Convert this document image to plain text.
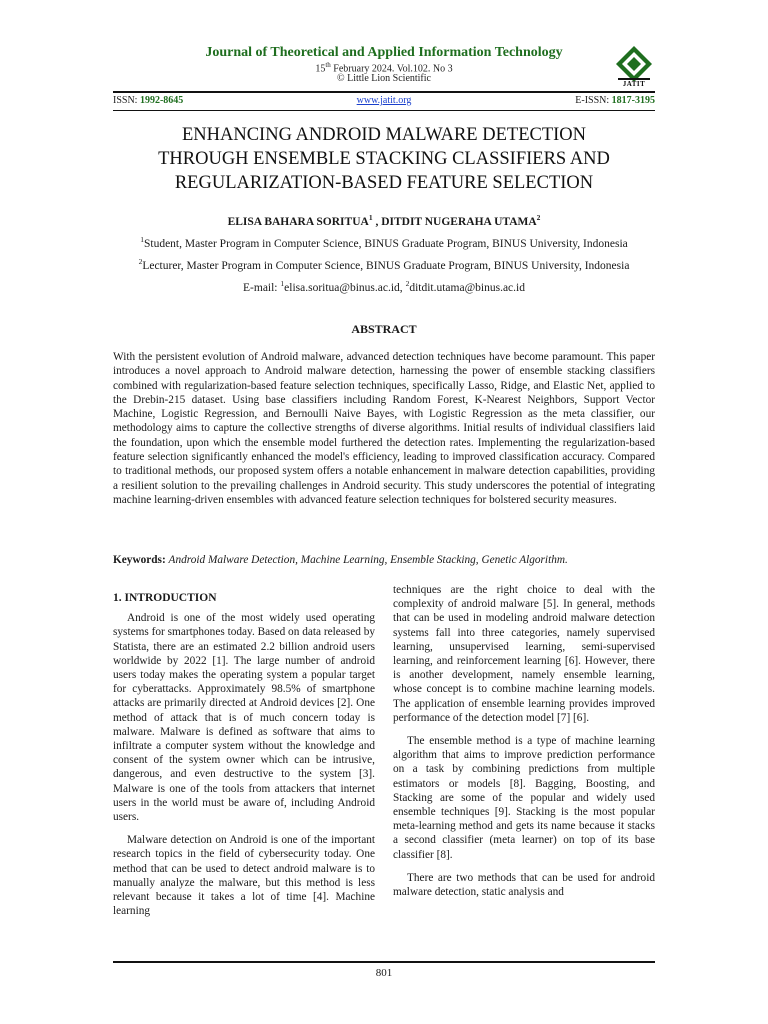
Journal of Theoretical and Applied Information Technology
15th February 2024. Vol.102. No 3
© Little Lion Scientific	JATIT
ISSN: 1992-8645	www.jatit.org	E-ISSN: 1817-3195
ENHANCING ANDROID MALWARE DETECTION
THROUGH ENSEMBLE STACKING CLASSIFIERS AND
REGULARIZATION-BASED FEATURE SELECTION
ELISA BAHARA SORITUA$^1$ , DITDIT NUGERAHA UTAMA$^2$
$^1$Student, Master Program in Computer Science, BINUS Graduate Program, BINUS University, Indonesia
$^2$Lecturer, Master Program in Computer Science, BINUS Graduate Program, BINUS University, Indonesia
E-mail: $^1$elisa.soritua@binus.ac.id, $^2$ditdit.utama@binus.ac.id
ABSTRACT

With the persistent evolution of Android malware, advanced detection techniques have become paramount. This paper introduces a novel approach to Android malware detection, harnessing the power of ensemble stacking classifiers combined with regularization-based feature selection techniques, specifically Lasso, Ridge, and Elastic Net, applied to the Drebin-215 dataset. Using base classifiers including Random Forest, K-Nearest Neighbors, Support Vector Machine, Logistic Regression, and Bernoulli Naive Bayes, with Logistic Regression as the meta classifier, our methodology aims to capture the collective strengths of diverse algorithms. Initial results of individual classifiers laid the foundation, upon which the ensemble model furthered the detection rates. Implementing the regularization-based feature selection significantly enhanced the model's efficiency, leading to improved classification accuracy. Compared to traditional methods, our proposed system offers a notable enhancement in malware detection capabilities, providing a resilient solution to the prevailing challenges in Android security. This study underscores the potential of integrating machine learning-driven ensembles with advanced feature selection techniques for bolstered security measures.

Keywords: Android Malware Detection, Machine Learning, Ensemble Stacking, Genetic Algorithm.
1. INTRODUCTION

Android is one of the most widely used operating systems for smartphones today. Based on data released by Statista, there are an estimated 2.2 billion android users worldwide by 2022 [1]. The large number of android users today makes the operating system a popular target for cyberattacks. Approximately 98.5% of smartphone attacks are primarily directed at Android devices [2]. One method of attack that is of much concern today is malware. Malware is defined as software that aims to infiltrate a computer system without the knowledge and consent of the system owner which can be intrusive, dangerous, and even destructive to the system [3]. Malware is one of the tools from attackers that internet users in the world must be aware of, including Android users.

Malware detection on Android is one of the important research topics in the field of cybersecurity today. One method that can be used to detect android malware is to manually analyze the malware, but this method is less relevant because it takes a lot of time [4]. Machine learning

techniques are the right choice to deal with the complexity of android malware [5]. In general, methods that can be used in modeling android malware detection systems fall into three categories, namely supervised learning, unsupervised learning, semi-supervised learning, and reinforcement learning [6]. However, there is another development, namely ensemble learning, whose concept is to combine machine learning models. The application of ensemble learning provides improved performance of the detection model [7] [6].

The ensemble method is a type of machine learning algorithm that aims to improve prediction performance on a task by combining predictions from multiple estimators or models [8]. Bagging, Boosting, and Stacking are some of the popular and widely used ensemble techniques [9]. Stacking is the most popular meta-learning method and gets its name because it stacks a second classifier (meta learner) on top of its base classifier [8].

There are two methods that can be used for android malware detection, static analysis and

801
